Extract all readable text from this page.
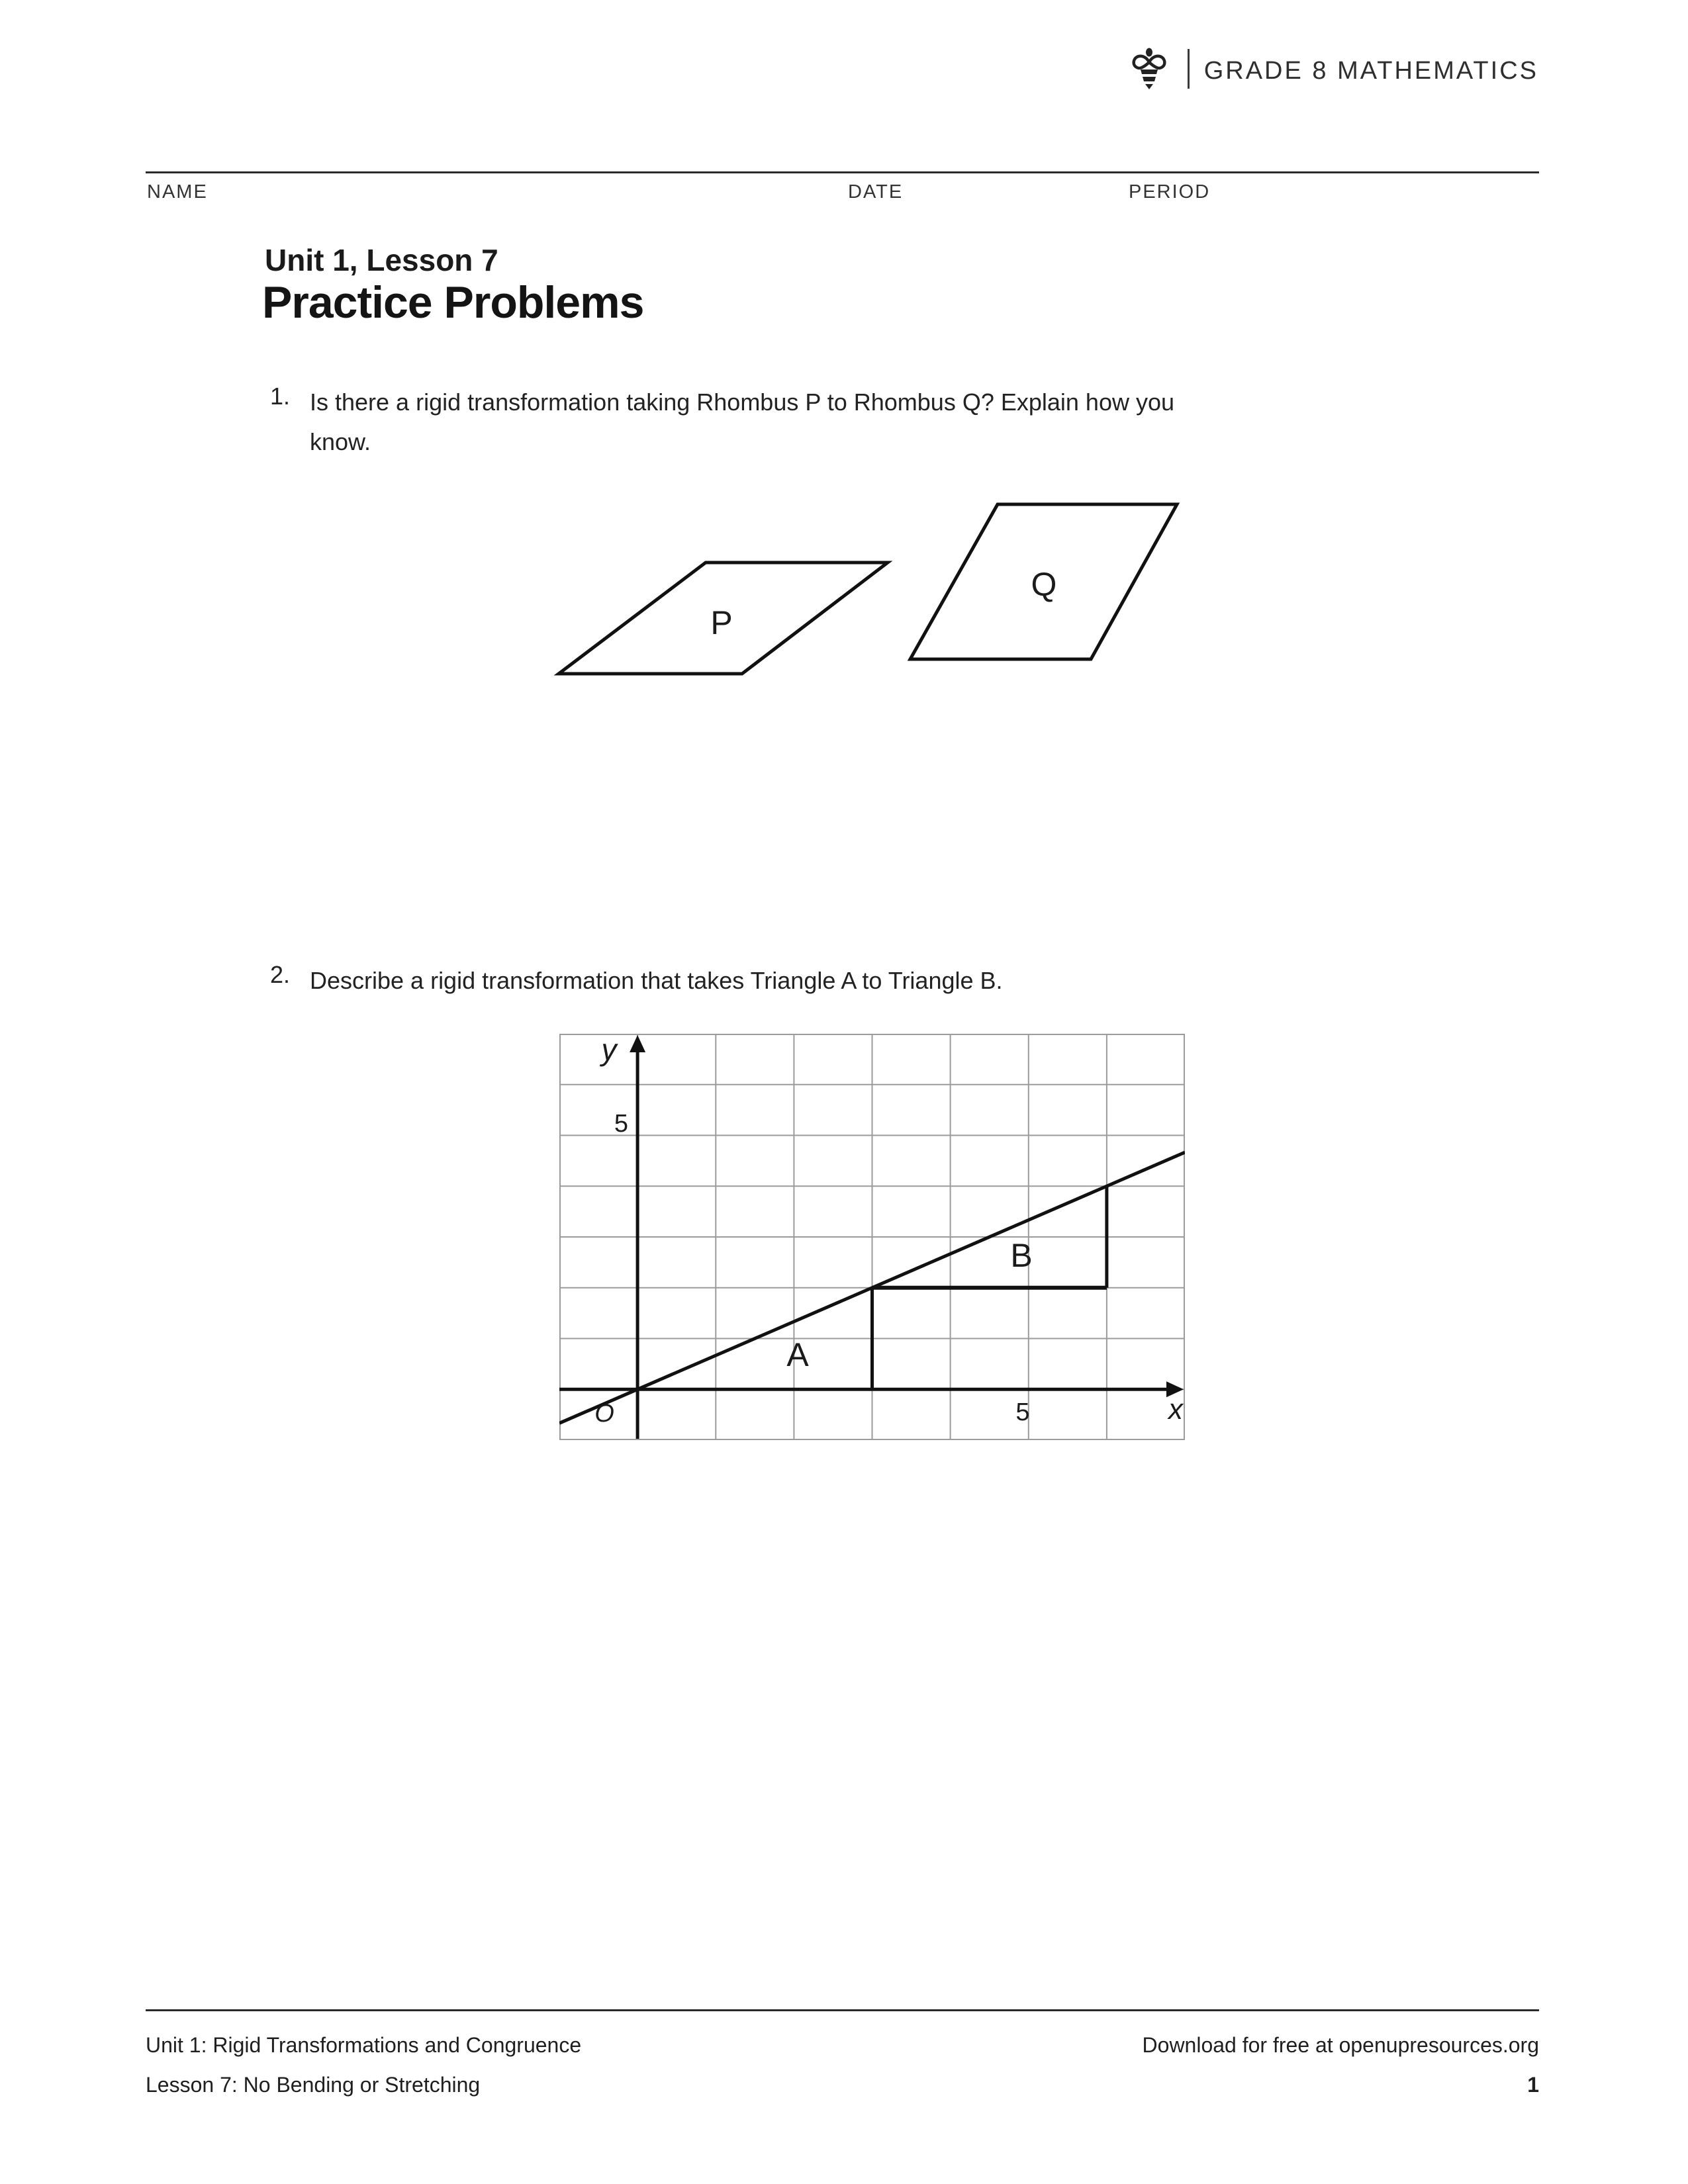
GRADE 8 MATHEMATICS
NAME	DATE	PERIOD
Unit 1, Lesson 7
Practice Problems
1. Is there a rigid transformation taking Rhombus P to Rhombus Q? Explain how you
know.
P
Q
2. Describe a rigid transformation that takes Triangle A to Triangle B.
y
5
x
5
O
A
B
Unit 1: Rigid Transformations and Congruence	Download for free at openupresources.org
Lesson 7: No Bending or Stretching	1
